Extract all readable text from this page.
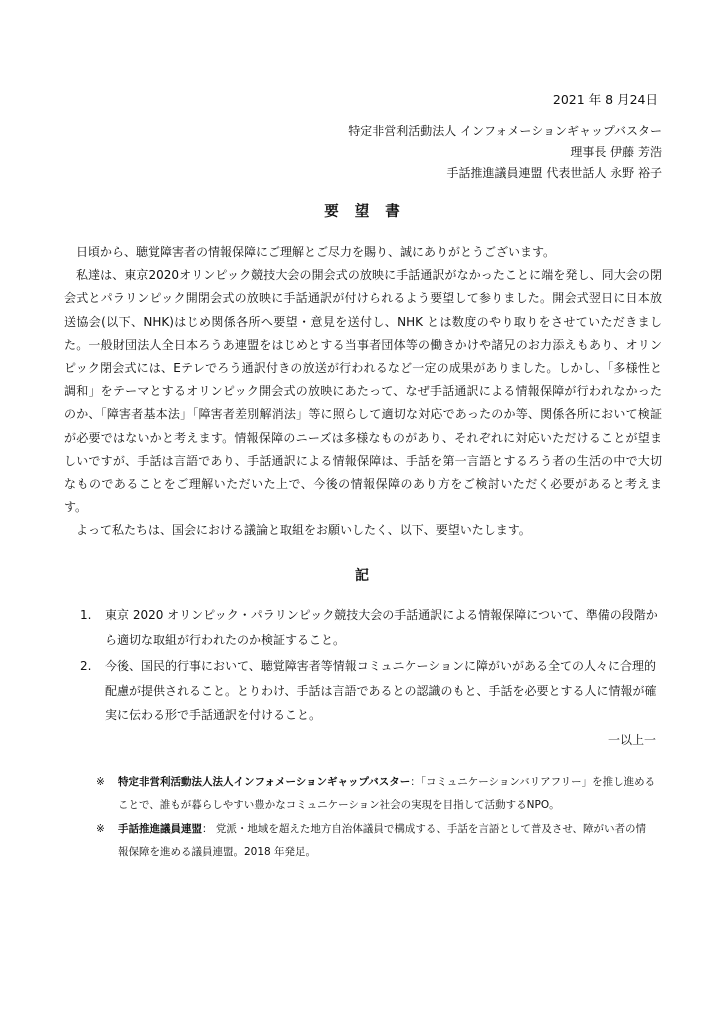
2021 年 8 月24日
特定非営利活動法人 インフォメーションギャップバスター
理事長 伊藤 芳浩
手話推進議員連盟 代表世話人 永野 裕子
要望書

日頃から、聴覚障害者の情報保障にご理解とご尽力を賜り、誠にありがとうございます。

私達は、東京2020オリンピック競技大会の開会式の放映に手話通訳がなかったことに端を発し、同大会の閉会式とパラリンピック開閉会式の放映に手話通訳が付けられるよう要望して参りました。開会式翌日に日本放送協会(以下、NHK)はじめ関係各所へ要望・意見を送付し、NHK とは数度のやり取りをさせていただきました。一般財団法人全日本ろうあ連盟をはじめとする当事者団体等の働きかけや諸兄のお力添えもあり、オリンピック閉会式には、Eテレでろう通訳付きの放送が行われるなど一定の成果がありました。しかし、「多様性と調和」をテーマとするオリンピック開会式の放映にあたって、なぜ手話通訳による情報保障が行われなかったのか、「障害者基本法」「障害者差別解消法」等に照らして適切な対応であったのか等、関係各所において検証が必要ではないかと考えます。情報保障のニーズは多様なものがあり、それぞれに対応いただけることが望ましいですが、手話は言語であり、手話通訳による情報保障は、手話を第一言語とするろう者の生活の中で大切なものであることをご理解いただいた上で、今後の情報保障のあり方をご検討いただく必要があると考えます。

よって私たちは、国会における議論と取組をお願いしたく、以下、要望いたします。

記
1. 東京 2020 オリンピック・パラリンピック競技大会の手話通訳による情報保障について、準備の段階から適切な取組が行われたのか検証すること。
2. 今後、国民的行事において、聴覚障害者等情報コミュニケーションに障がいがある全ての人々に合理的配慮が提供されること。とりわけ、手話は言語であるとの認識のもと、手話を必要とする人に情報が確実に伝わる形で手話通訳を付けること。
一以上一
※ 特定非営利活動法人法人インフォメーションギャップバスター：「コミュニケーションバリアフリー」を推し進めることで、誰もが暮らしやすい豊かなコミュニケーション社会の実現を目指して活動するNPO。
※ 手話推進議員連盟： 党派・地域を超えた地方自治体議員で構成する、手話を言語として普及させ、障がい者の情報保障を進める議員連盟。2018 年発足。
